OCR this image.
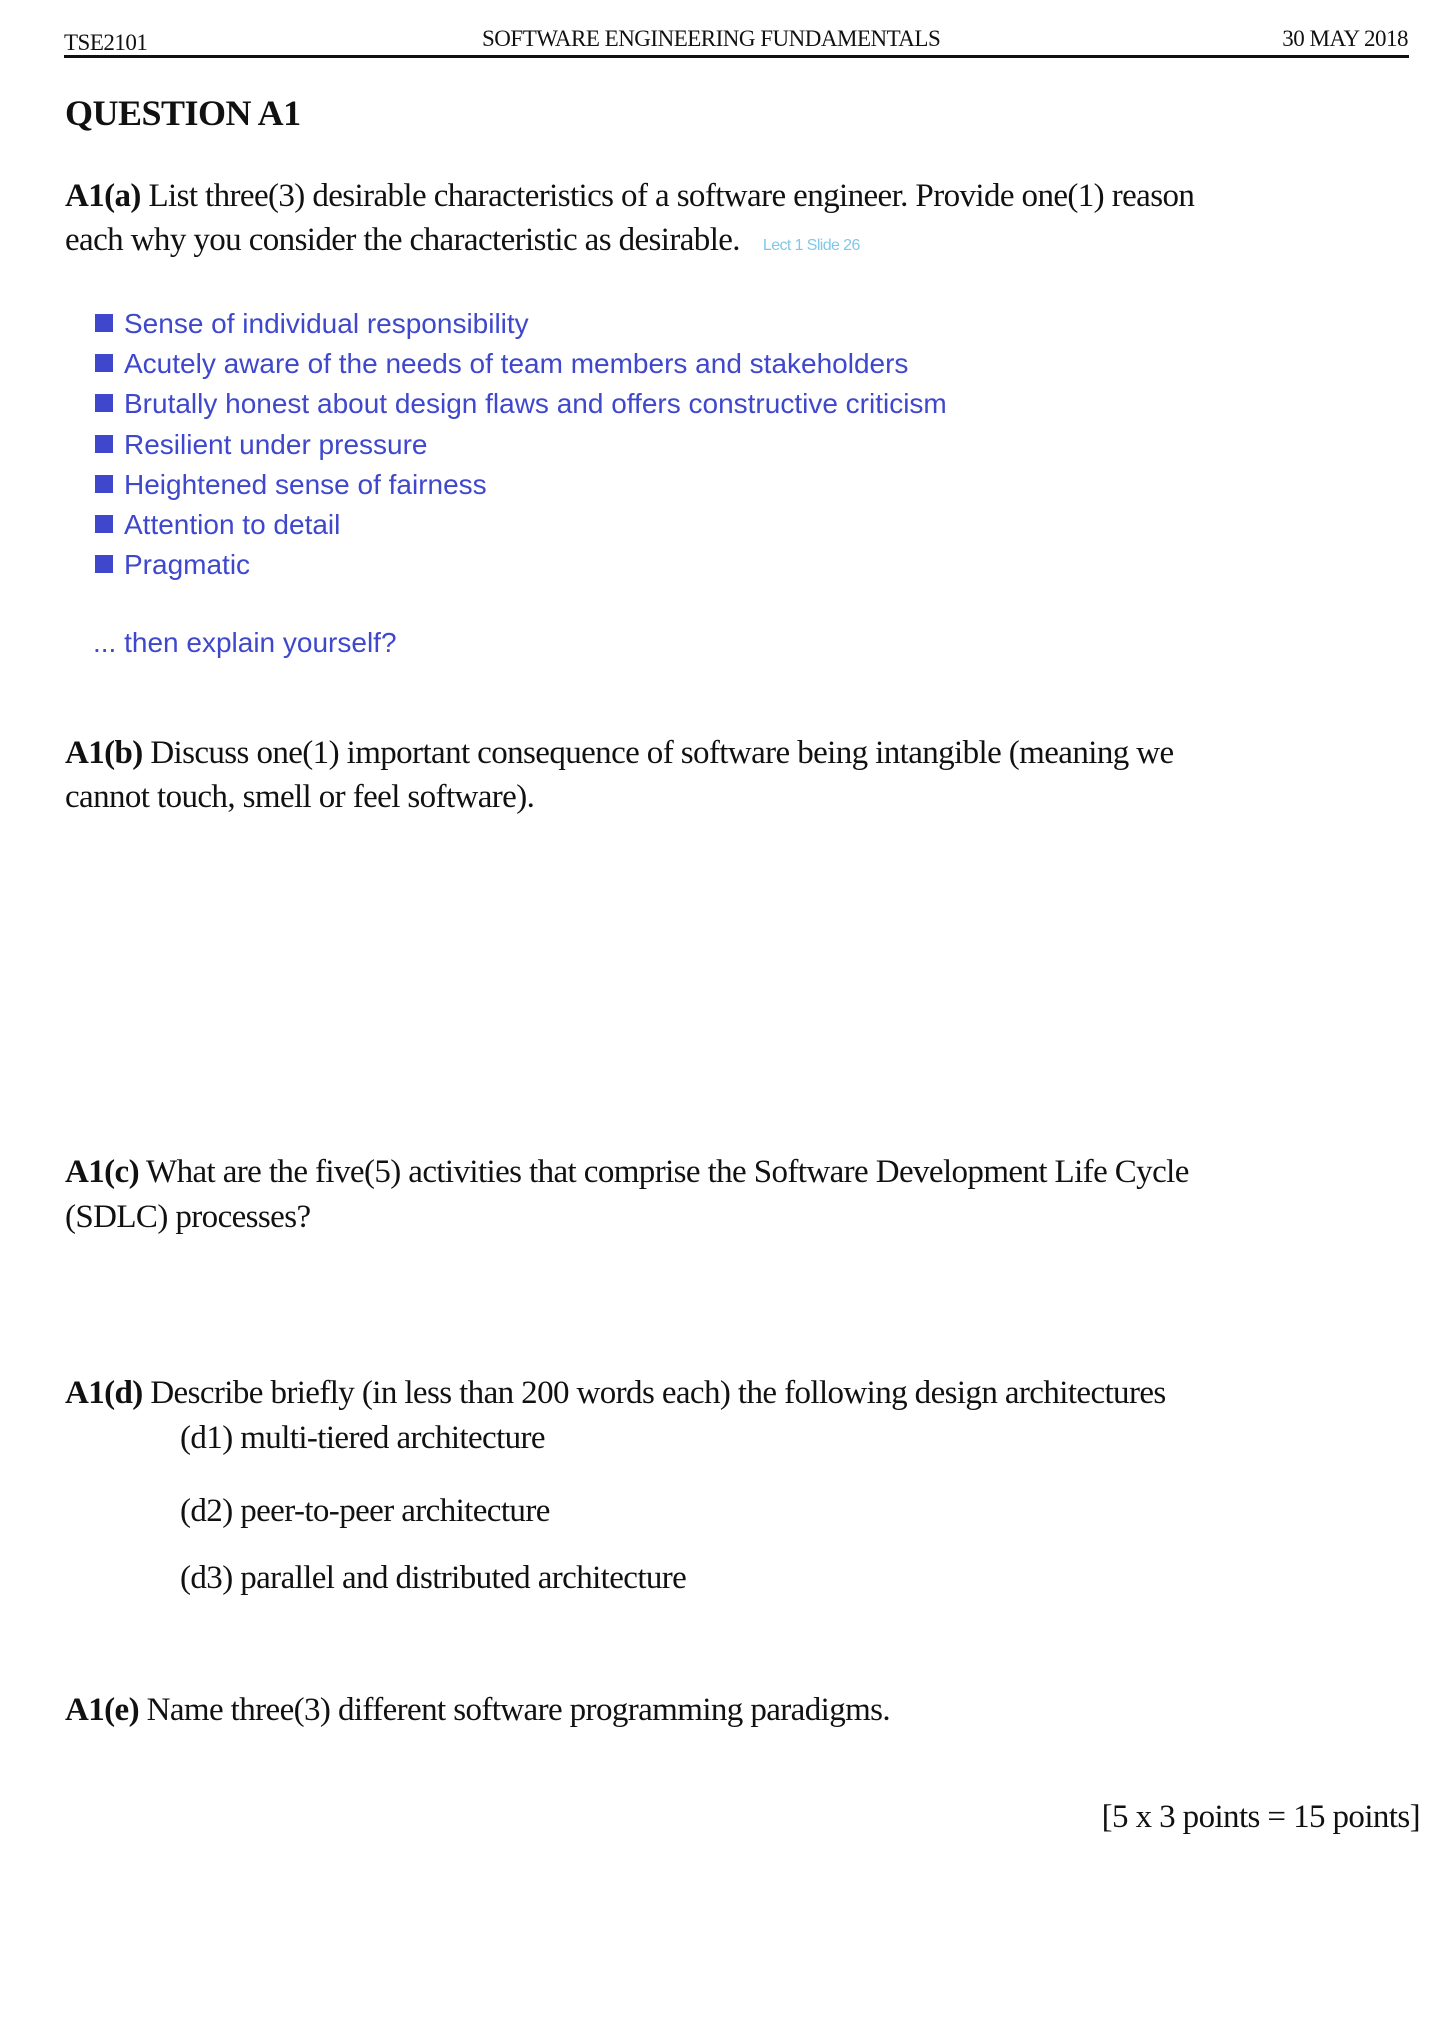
TSE2101	SOFTWARE ENGINEERING FUNDAMENTALS	30 MAY 2018
QUESTION A1
A1(a) List three(3) desirable characteristics of a software engineer. Provide one(1) reason
each why you consider the characteristic as desirable. Lect 1 Slide 26
Sense of individual responsibility
Acutely aware of the needs of team members and stakeholders
Brutally honest about design flaws and offers constructive criticism
Resilient under pressure
Heightened sense of fairness
Attention to detail
Pragmatic
... then explain yourself?
A1(b) Discuss one(1) important consequence of software being intangible (meaning we
cannot touch, smell or feel software).
A1(c) What are the five(5) activities that comprise the Software Development Life Cycle
(SDLC) processes?
A1(d) Describe briefly (in less than 200 words each) the following design architectures
(d1) multi-tiered architecture
(d2) peer-to-peer architecture
(d3) parallel and distributed architecture
A1(e) Name three(3) different software programming paradigms.
[5 x 3 points = 15 points]
